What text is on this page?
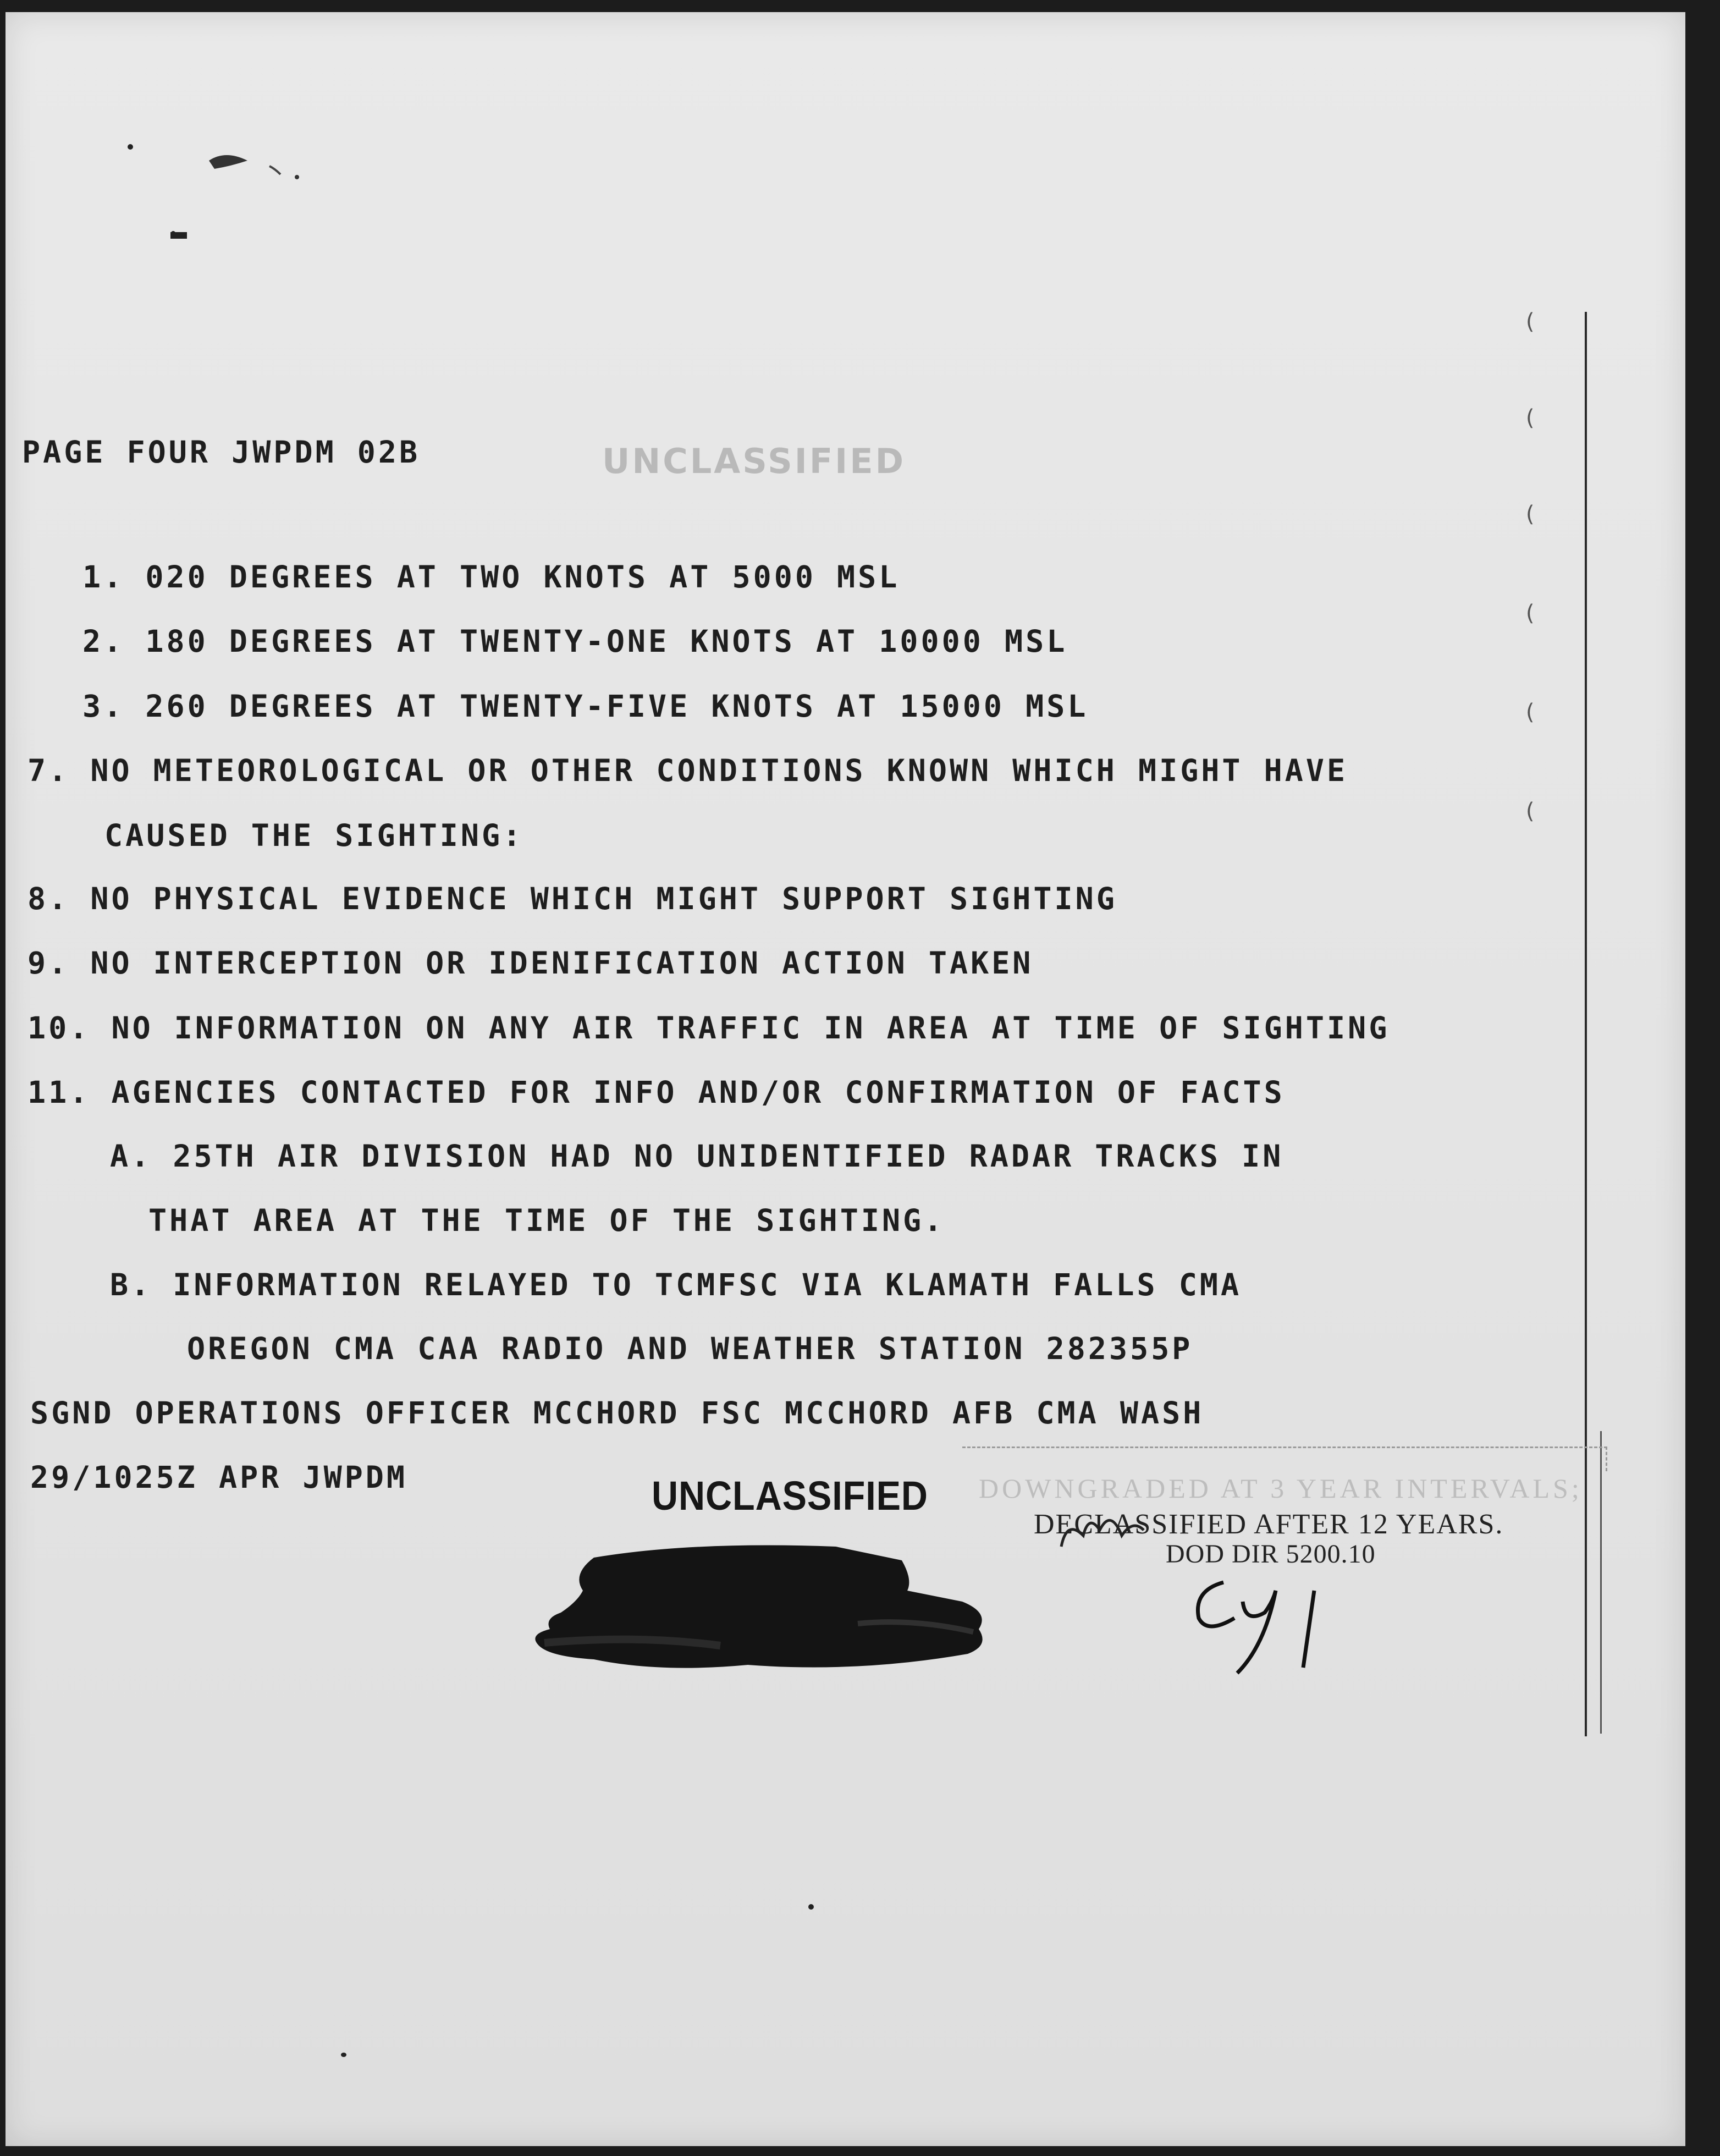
(
(
(
(
(
(
PAGE FOUR JWPDM 02B	UNCLASSIFIED
1. 020 DEGREES AT TWO KNOTS AT 5000 MSL
2. 180 DEGREES AT TWENTY-ONE KNOTS AT 10000 MSL
3. 260 DEGREES AT TWENTY-FIVE KNOTS AT 15000 MSL
7. NO METEOROLOGICAL OR OTHER CONDITIONS KNOWN WHICH MIGHT HAVE
CAUSED THE SIGHTING:
8. NO PHYSICAL EVIDENCE WHICH MIGHT SUPPORT SIGHTING
9. NO INTERCEPTION OR IDENIFICATION ACTION TAKEN
10. NO INFORMATION ON ANY AIR TRAFFIC IN AREA AT TIME OF SIGHTING
11. AGENCIES CONTACTED FOR INFO AND/OR CONFIRMATION OF FACTS
A. 25TH AIR DIVISION HAD NO UNIDENTIFIED RADAR TRACKS IN
THAT AREA AT THE TIME OF THE SIGHTING.
B. INFORMATION RELAYED TO TCMFSC VIA KLAMATH FALLS CMA
OREGON CMA CAA RADIO AND WEATHER STATION 282355P
SGND OPERATIONS OFFICER MCCHORD FSC MCCHORD AFB CMA WASH
29/1025Z APR JWPDM	UNCLASSIFIED DOWNGRADED AT 3 YEAR INTERVALS;
DECLASSIFIED AFTER 12 YEARS.
DOD DIR 5200.10
Cy 1
